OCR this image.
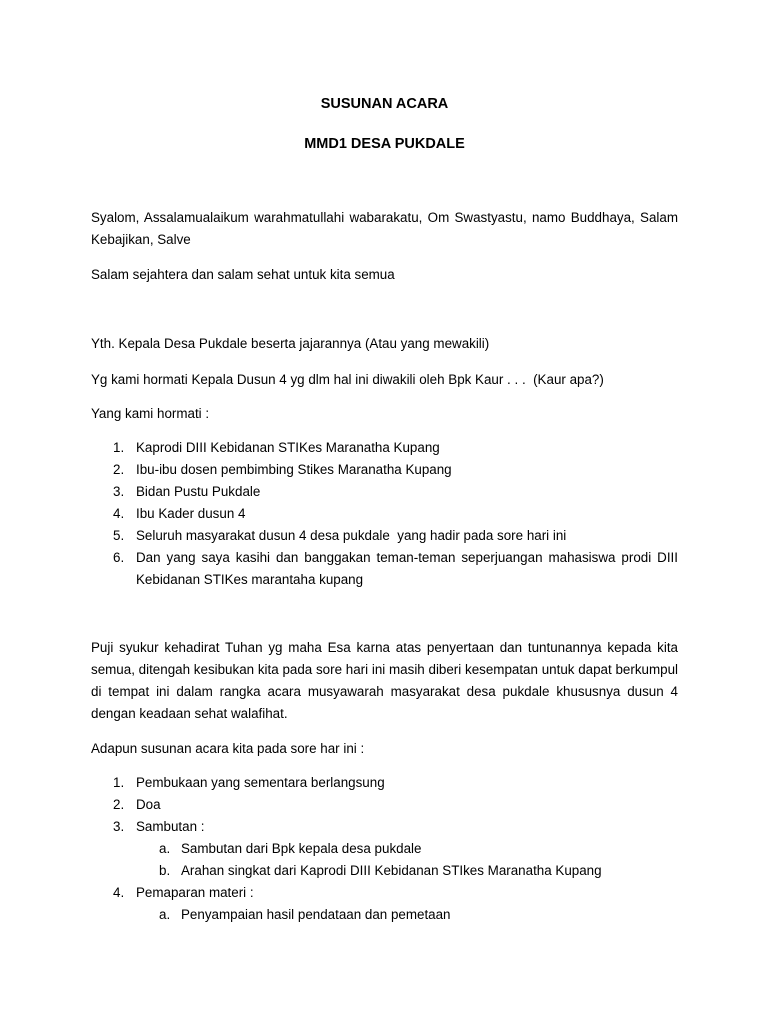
SUSUNAN ACARA
MMD1 DESA PUKDALE

Syalom, Assalamualaikum warahmatullahi wabarakatu, Om Swastyastu, namo Buddhaya, Salam Kebajikan, Salve

Salam sejahtera dan salam sehat untuk kita semua

Yth. Kepala Desa Pukdale beserta jajarannya (Atau yang mewakili)

Yg kami hormati Kepala Dusun 4 yg dlm hal ini diwakili oleh Bpk Kaur . . .  (Kaur apa?)

Yang kami hormati :

1. Kaprodi DIII Kebidanan STIKes Maranatha Kupang
2. Ibu-ibu dosen pembimbing Stikes Maranatha Kupang
3. Bidan Pustu Pukdale
4. Ibu Kader dusun 4
5. Seluruh masyarakat dusun 4 desa pukdale  yang hadir pada sore hari ini
6. Dan yang saya kasihi dan banggakan teman-teman seperjuangan mahasiswa prodi DIII Kebidanan STIKes marantaha kupang

Puji syukur kehadirat Tuhan yg maha Esa karna atas penyertaan dan tuntunannya kepada kita semua, ditengah kesibukan kita pada sore hari ini masih diberi kesempatan untuk dapat berkumpul di tempat ini dalam rangka acara musyawarah masyarakat desa pukdale khususnya dusun 4 dengan keadaan sehat walafihat.

Adapun susunan acara kita pada sore har ini :

1. Pembukaan yang sementara berlangsung
2. Doa
3. Sambutan :
a. Sambutan dari Bpk kepala desa pukdale
b. Arahan singkat dari Kaprodi DIII Kebidanan STIkes Maranatha Kupang
4. Pemaparan materi :
a. Penyampaian hasil pendataan dan pemetaan
